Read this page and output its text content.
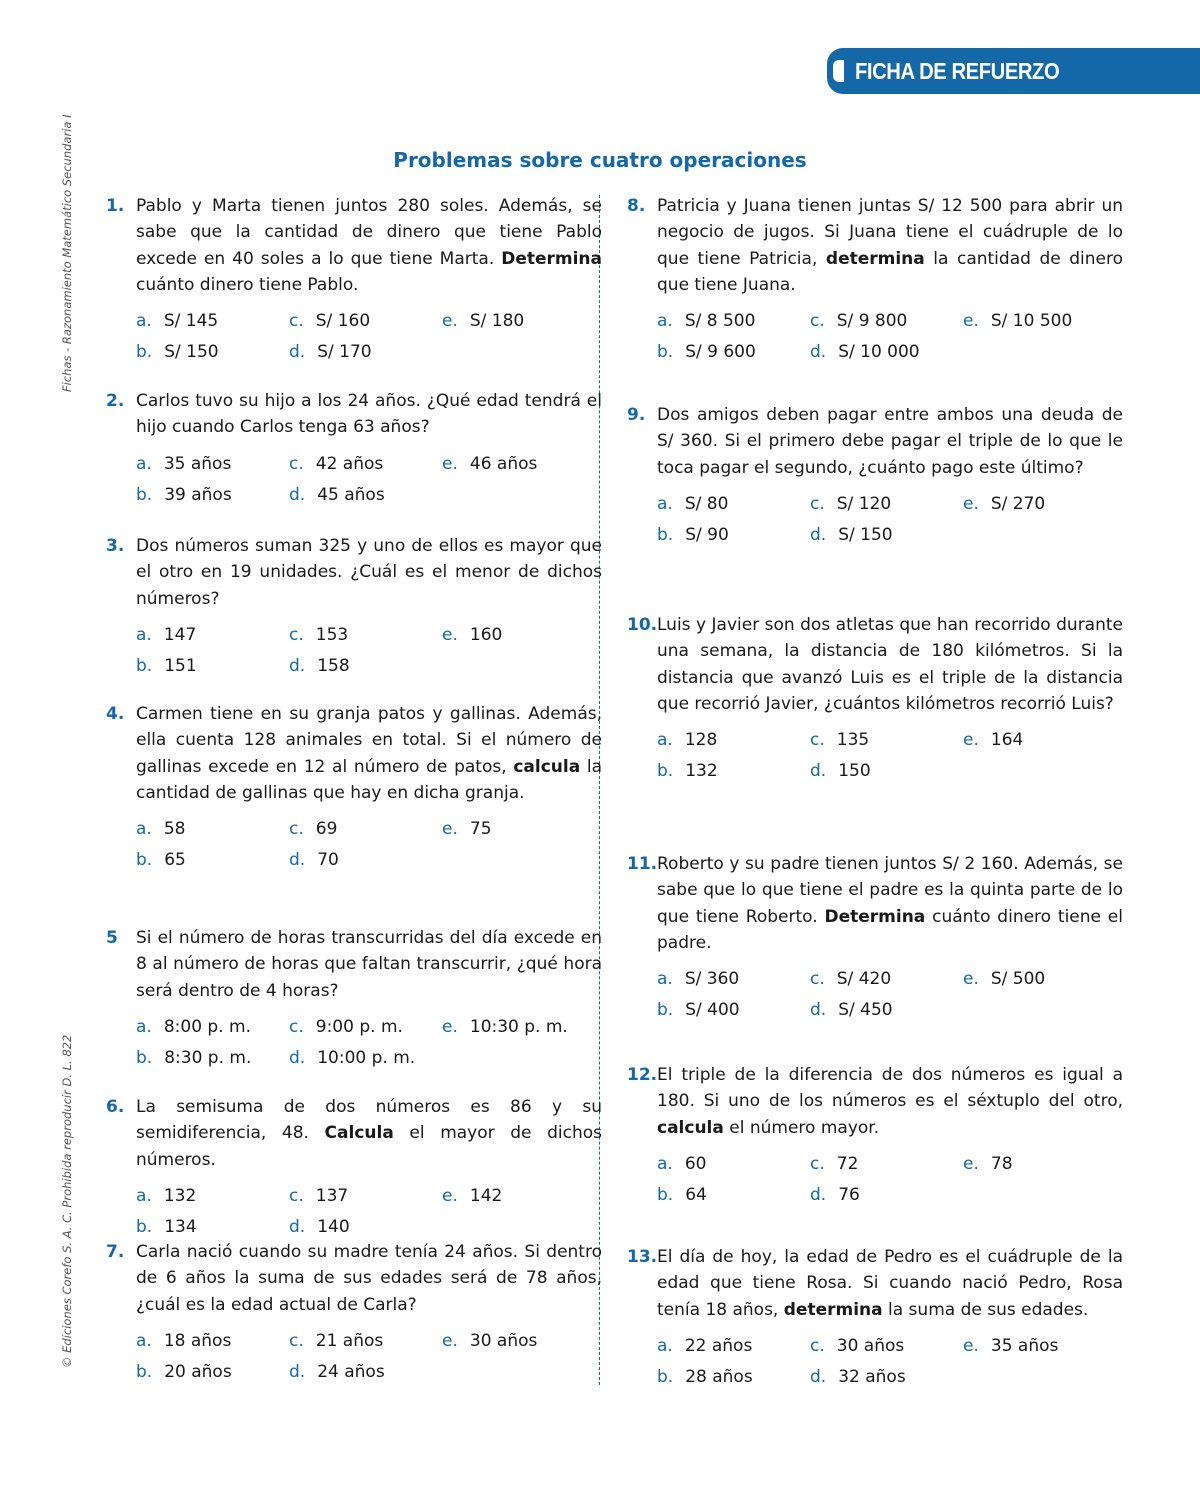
FICHA DE REFUERZO
Fichas - Razonamiento Matemático Secundaria I
© Ediciones Corefo S. A. C. Prohibida reproducir D. L. 822
Problemas sobre cuatro operaciones
1. Pablo y Marta tienen juntos 280 soles. Además, se sabe que la cantidad de dinero que tiene Pablo excede en 40 soles a lo que tiene Marta. Determina cuánto dinero tiene Pablo.
a. S/ 145	c. S/ 160	e. S/ 180
b. S/ 150	d. S/ 170
2. Carlos tuvo su hijo a los 24 años. ¿Qué edad tendrá el hijo cuando Carlos tenga 63 años?
a. 35 años	c. 42 años	e. 46 años
b. 39 años	d. 45 años
3. Dos números suman 325 y uno de ellos es mayor que el otro en 19 unidades. ¿Cuál es el menor de dichos números?
a. 147	c. 153	e. 160
b. 151	d. 158
4. Carmen tiene en su granja patos y gallinas. Además, ella cuenta 128 animales en total. Si el número de gallinas excede en 12 al número de patos, calcula la cantidad de gallinas que hay en dicha granja.
a. 58	c. 69	e. 75
b. 65	d. 70
5 Si el número de horas transcurridas del día excede en 8 al número de horas que faltan transcurrir, ¿qué hora será dentro de 4 horas?
a. 8:00 p. m.	c. 9:00 p. m.	e. 10:30 p. m.
b. 8:30 p. m.	d. 10:00 p. m.
6. La semisuma de dos números es 86 y su semidiferencia, 48. Calcula el mayor de dichos números.
a. 132	c. 137	e. 142
b. 134	d. 140
7. Carla nació cuando su madre tenía 24 años. Si dentro de 6 años la suma de sus edades será de 78 años, ¿cuál es la edad actual de Carla?
a. 18 años	c. 21 años	e. 30 años
b. 20 años	d. 24 años
8. Patricia y Juana tienen juntas S/ 12 500 para abrir un negocio de jugos. Si Juana tiene el cuádruple de lo que tiene Patricia, determina la cantidad de dinero que tiene Juana.
a. S/ 8 500	c. S/ 9 800	e. S/ 10 500
b. S/ 9 600	d. S/ 10 000
9. Dos amigos deben pagar entre ambos una deuda de S/ 360. Si el primero debe pagar el triple de lo que le toca pagar el segundo, ¿cuánto pago este último?
a. S/ 80	c. S/ 120	e. S/ 270
b. S/ 90	d. S/ 150
10. Luis y Javier son dos atletas que han recorrido durante una semana, la distancia de 180 kilómetros. Si la distancia que avanzó Luis es el triple de la distancia que recorrió Javier, ¿cuántos kilómetros recorrió Luis?
a. 128	c. 135	e. 164
b. 132	d. 150
11. Roberto y su padre tienen juntos S/ 2 160. Además, se sabe que lo que tiene el padre es la quinta parte de lo que tiene Roberto. Determina cuánto dinero tiene el padre.
a. S/ 360	c. S/ 420	e. S/ 500
b. S/ 400	d. S/ 450
12. El triple de la diferencia de dos números es igual a 180. Si uno de los números es el séxtuplo del otro, calcula el número mayor.
a. 60	c. 72	e. 78
b. 64	d. 76
13. El día de hoy, la edad de Pedro es el cuádruple de la edad que tiene Rosa. Si cuando nació Pedro, Rosa tenía 18 años, determina la suma de sus edades.
a. 22 años	c. 30 años	e. 35 años
b. 28 años	d. 32 años
